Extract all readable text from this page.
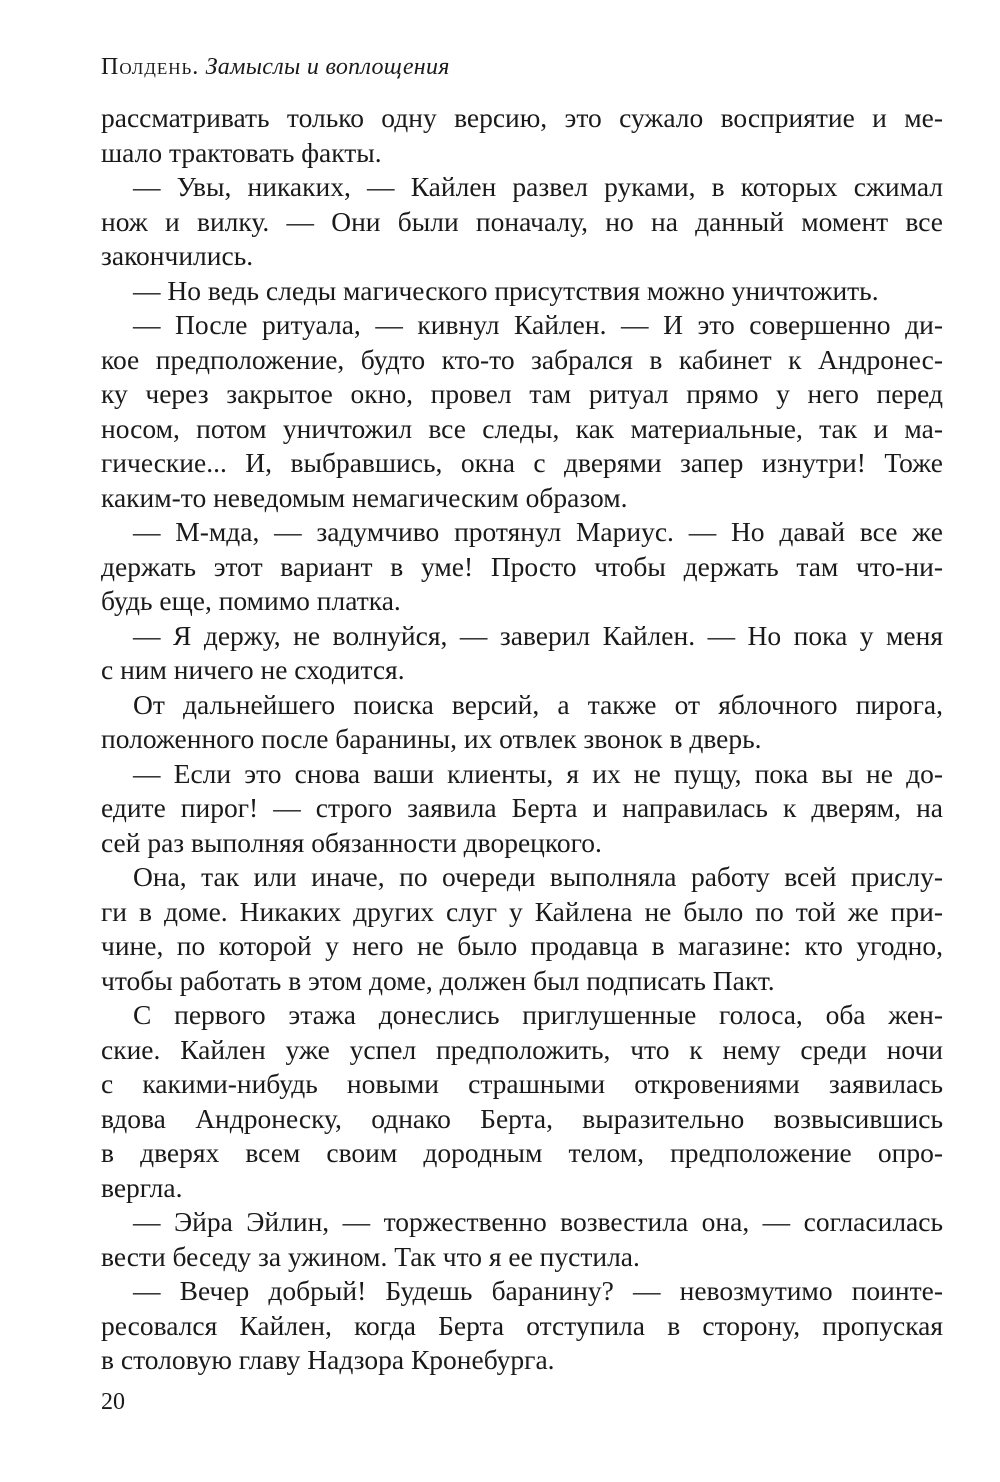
Полдень. Замыслы и воплощения
рассматривать только одну версию, это сужало восприятие и ме-
шало трактовать факты.
— Увы, никаких, — Кайлен развел руками, в которых сжимал
нож и вилку. — Они были поначалу, но на данный момент все
закончились.
— Но ведь следы магического присутствия можно уничтожить.
— После ритуала, — кивнул Кайлен. — И это совершенно ди-
кое предположение, будто кто-то забрался в кабинет к Андронес-
ку через закрытое окно, провел там ритуал прямо у него перед
носом, потом уничтожил все следы, как материальные, так и ма-
гические... И, выбравшись, окна с дверями запер изнутри! Тоже
каким-то неведомым немагическим образом.
— М-мда, — задумчиво протянул Мариус. — Но давай все же
держать этот вариант в уме! Просто чтобы держать там что-ни-
будь еще, помимо платка.
— Я держу, не волнуйся, — заверил Кайлен. — Но пока у меня
с ним ничего не сходится.
От дальнейшего поиска версий, а также от яблочного пирога,
положенного после баранины, их отвлек звонок в дверь.
— Если это снова ваши клиенты, я их не пущу, пока вы не до-
едите пирог! — строго заявила Берта и направилась к дверям, на
сей раз выполняя обязанности дворецкого.
Она, так или иначе, по очереди выполняла работу всей прислу-
ги в доме. Никаких других слуг у Кайлена не было по той же при-
чине, по которой у него не было продавца в магазине: кто угодно,
чтобы работать в этом доме, должен был подписать Пакт.
С первого этажа донеслись приглушенные голоса, оба жен-
ские. Кайлен уже успел предположить, что к нему среди ночи
с какими-нибудь новыми страшными откровениями заявилась
вдова Андронеску, однако Берта, выразительно возвысившись
в дверях всем своим дородным телом, предположение опро-
вергла.
— Эйра Эйлин, — торжественно возвестила она, — согласилась
вести беседу за ужином. Так что я ее пустила.
— Вечер добрый! Будешь баранину? — невозмутимо поинте-
ресовался Кайлен, когда Берта отступила в сторону, пропуская
в столовую главу Надзора Кронебурга.
20
